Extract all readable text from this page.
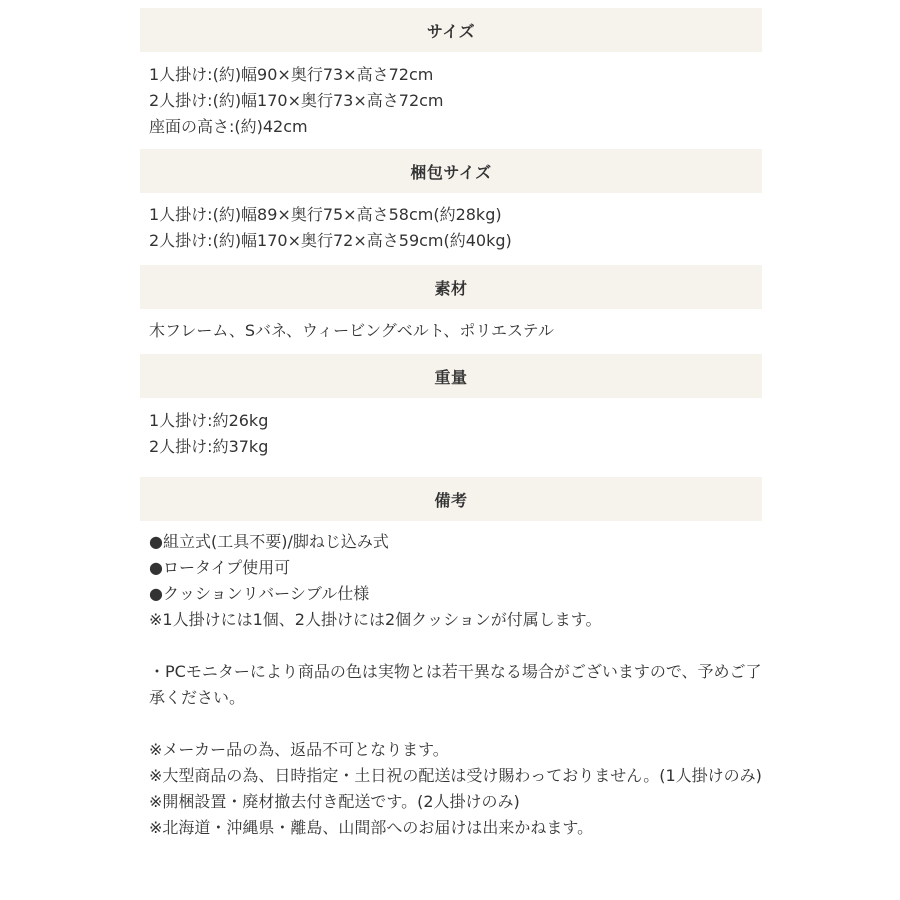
サイズ
1人掛け:(約)幅90×奥行73×高さ72cm
2人掛け:(約)幅170×奥行73×高さ72cm
座面の高さ:(約)42cm
梱包サイズ
1人掛け:(約)幅89×奥行75×高さ58cm(約28kg)
2人掛け:(約)幅170×奥行72×高さ59cm(約40kg)
素材
木フレーム、Sバネ、ウィービングベルト、ポリエステル
重量
1人掛け:約26kg
2人掛け:約37kg
備考
●組立式(工具不要)/脚ねじ込み式
●ロータイプ使用可
●クッションリバーシブル仕様
※1人掛けには1個、2人掛けには2個クッションが付属します。
・PCモニターにより商品の色は実物とは若干異なる場合がございますので、予めご了承ください。
※メーカー品の為、返品不可となります。
※大型商品の為、日時指定・土日祝の配送は受け賜わっておりません。(1人掛けのみ)
※開梱設置・廃材撤去付き配送です。(2人掛けのみ)
※北海道・沖縄県・離島、山間部へのお届けは出来かねます。
